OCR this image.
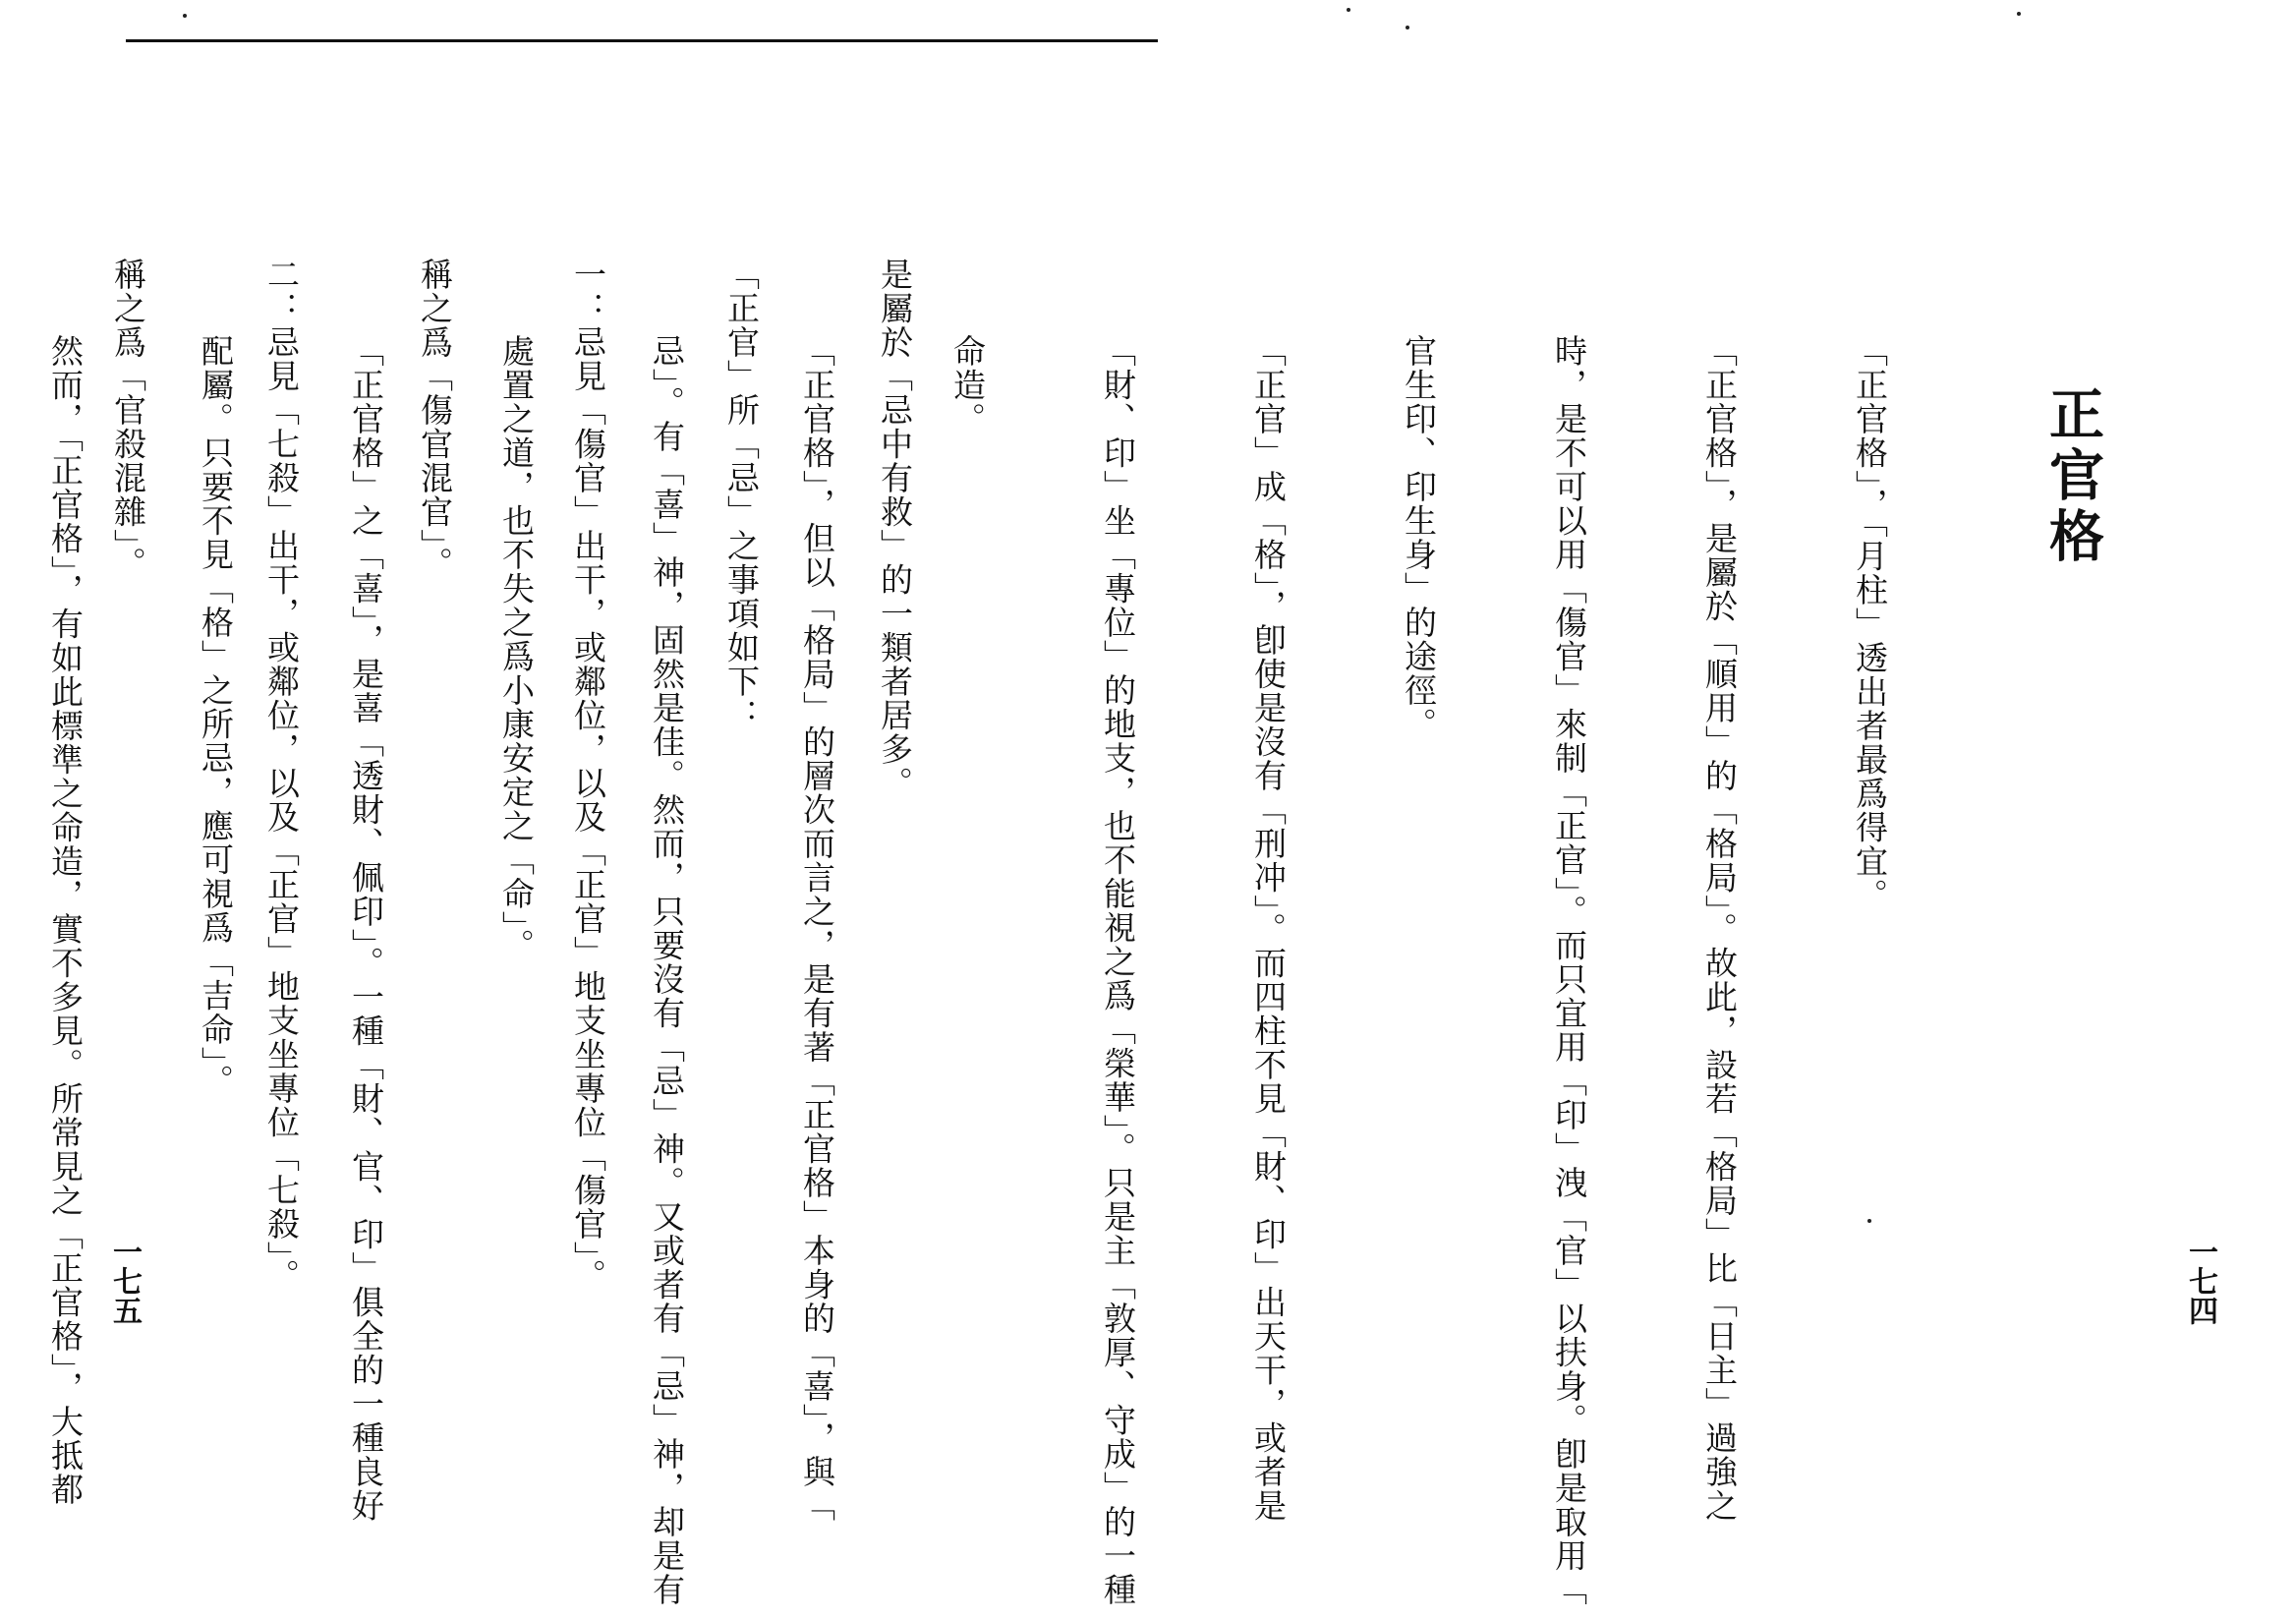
正官格

「正官格」，「月柱」透出者最爲得宜。

「正官格」，是屬於「順用」的「格局」。故此，設若「格局」比「日主」過強之

時，是不可以用「傷官」來制「正官」。而只宜用「印」洩「官」以扶身。卽是取用「

官生印、印生身」的途徑。

「正官」成「格」，卽使是沒有「刑冲」。而四柱不見「財、印」出天干，或者是

「財、印」坐「專位」的地支，也不能視之爲「榮華」。只是主「敦厚、守成」的一種

命造。

「正官格」，但以「格局」的層次而言之，是有著「正官格」本身的「喜」，與「

忌」。有「喜」神，固然是佳。然而，只要沒有「忌」神。又或者有「忌」神，却是有

處置之道，也不失之爲小康安定之「命」。

「正官格」之「喜」，是喜「透財、佩印」。一種「財、官、印」俱全的一種良好

配屬。只要不見「格」之所忌，應可視爲「吉命」。

然而，「正官格」，有如此標準之命造，實不多見。所常見之「正官格」，大抵都

	一七四

是屬於「忌中有救」的一類者居多。

「正官」所「忌」之事項如下：

一：忌見「傷官」出干，或鄰位，以及「正官」地支坐專位「傷官」。

稱之爲「傷官混官」。

二：忌見「七殺」出干，或鄰位，以及「正官」地支坐專位「七殺」。

稱之爲「官殺混雜」。

一七五
